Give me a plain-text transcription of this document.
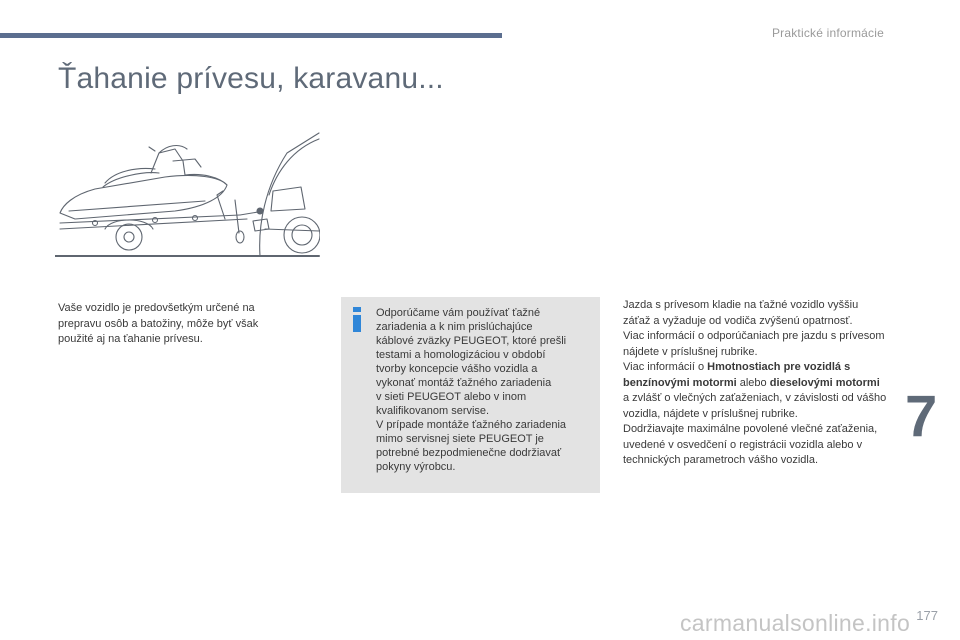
Praktické informácie
Ťahanie prívesu, karavanu...
Vaše vozidlo je predovšetkým určené na prepravu osôb a batožiny, môže byť však použité aj na ťahanie prívesu.
Odporúčame vám používať ťažné
zariadenia a k nim prislúchajúce
káblové zväzky PEUGEOT, ktoré prešli
testami a homologizáciou v období
tvorby koncepcie vášho vozidla a
vykonať montáž ťažného zariadenia
v sieti PEUGEOT alebo v inom
kvalifikovanom servise.
V prípade montáže ťažného zariadenia
mimo servisnej siete PEUGEOT je
potrebné bezpodmienečne dodržiavať
pokyny výrobcu.
Jazda s prívesom kladie na ťažné vozidlo vyššiu záťaž a vyžaduje od vodiča zvýšenú opatrnosť.
Viac informácií o odporúčaniach pre jazdu s prívesom nájdete v príslušnej rubrike.
Viac informácií o Hmotnostiach pre vozidlá s benzínovými motormi alebo dieselovými motormi a zvlášť o vlečných zaťaženiach, v závislosti od vášho vozidla, nájdete v príslušnej rubrike.
Dodržiavajte maximálne povolené vlečné zaťaženia, uvedené v osvedčení o registrácii vozidla alebo v technických parametroch vášho vozidla.
7
177
carmanualsonline.info
